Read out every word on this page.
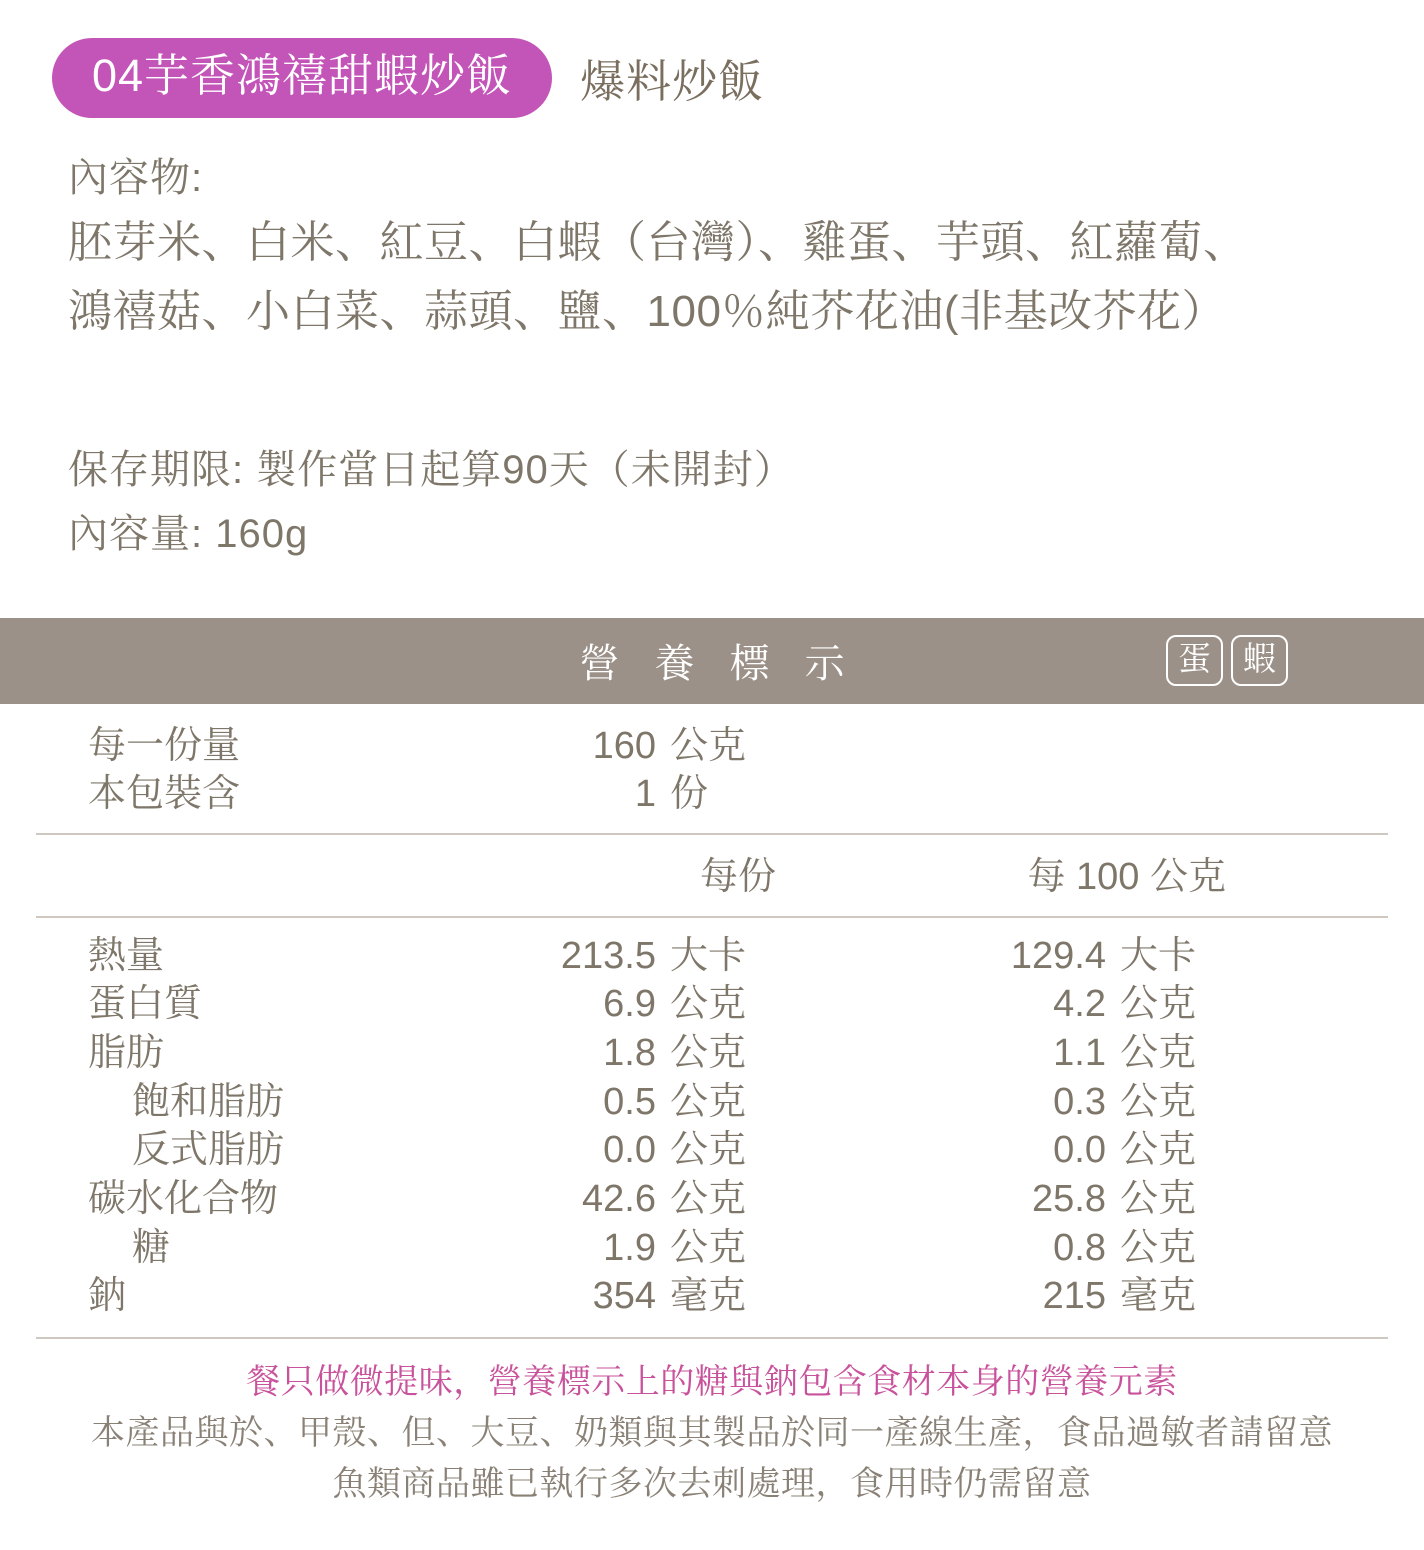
04芋香鴻禧甜蝦炒飯	爆料炒飯
內容物:
胚芽米、白米、紅豆、白蝦（台灣）、雞蛋、芋頭、紅蘿蔔、
鴻禧菇、小白菜、蒜頭、鹽、100％純芥花油(非基改芥花）
保存期限: 製作當日起算90天（未開封）
內容量: 160g
營 養 標 示	蛋 蝦
每一份量	160 公克
本包裝含	1 份
每份	每 100 公克
熱量	213.5 大卡	129.4 大卡
蛋白質	6.9 公克	4.2 公克
脂肪	1.8 公克	1.1 公克
飽和脂肪	0.5 公克	0.3 公克
反式脂肪	0.0 公克	0.0 公克
碳水化合物	42.6 公克	25.8 公克
糖	1.9 公克	0.8 公克
鈉	354 毫克	215 毫克
餐只做微提味，營養標示上的糖與鈉包含食材本身的營養元素
本產品與於、甲殼、但、大豆、奶類與其製品於同一產線生產，食品過敏者請留意
魚類商品雖已執行多次去刺處理，食用時仍需留意
